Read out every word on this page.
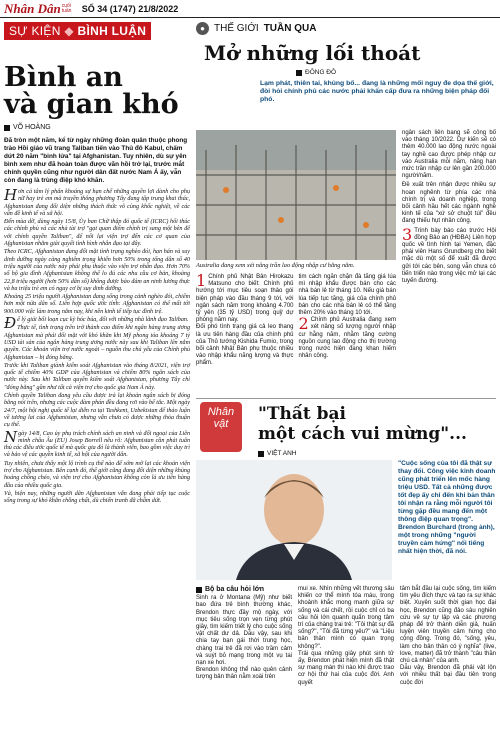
Nhân Dân cuối tuần	SỐ 34 (1747) 21/8/2022
SỰ KIỆN ◆ BÌNH LUẬN
Bình an
và gian khó
VÕ HOÀNG
Đã tròn một năm, kể từ ngày những đoàn quân thuộc phong trào Hồi giáo vũ trang Taliban tiến vào Thủ đô Kabul, chấm dứt 20 năm "binh lửa" tại Afghanistan. Tuy nhiên, dù sự yên bình xem như đã hoàn toàn được vãn hồi trở lại, trước mắt chính quyền cũng như người dân đất nước Nam Á ấy, vẫn còn đang là trùng điệp khó khăn.

Hơn cả tâm lý phân khoáng sự hạn chế những quyền lợi dành cho phụ nữ hay trẻ em mà truyền thông phương Tây đang tập trung khai thác, Afghanistan đang đối diện những thách thức vô cùng khốc nghiệt, về các vấn đề kinh tế và xã hội.

Đến mùa dỡ, dùng ngày 15/8, Ủy ban Chữ thập đỏ quốc tế (ICRC) hối thúc các chính phủ và các nhà tài trợ "gạt quan điểm chính trị sang một bên để với chính quyền Taliban", để nối lại viện trợ đến các cơ quan của Afghanistan nhằm giải quyết tình hình nhân đạo tại đây.

Theo ICRC, Afghanistan đang đối mặt tình trạng nghèo đói, hạn hán và suy dinh dưỡng ngày càng nghiêm trọng khiến hơn 50% trong tổng dân số 40 triệu người của nước này phải phụ thuộc vào viện trợ nhân đạo. Hơn 70% số hộ gia đình Afghanistan không thể lo đủ các nhu cầu cơ bản, khoảng 22,8 triệu người (hơn 50% dân số) không được bảo đảm an ninh lương thực và ba triệu trẻ em có nguy cơ bị suy dinh dưỡng.

Khoảng 25 triệu người Afghanistan đang sống trong cảnh nghèo đói, chiếm hơn một nửa dân số. Liên hợp quốc ước tính: Afghanistan có thể mất tới 900.000 việc làm trong năm nay, khi nền kinh tế tiếp tục đình trệ.

Để lý giải bối loạn cục kỳ hóc búa, đối với những nhà lãnh đạo Taliban.

Thực tế, tình trạng trên trở thành cao điểm khi ngân hàng trung ương Afghanistan mà phải đối mặt với khó khăn khi Mỹ phong tỏa khoảng 7 tỷ USD tài sản của ngân hàng trung ương nước này sau khi Taliban lên nắm quyền. Các khoản viện trợ nước ngoài – nguồn thu chủ yếu của Chính phủ Afghanistan – bị đóng băng.

Trước khi Taliban giành kiểm soát Afghanistan vào tháng 8/2021, viện trợ quốc tế chiếm 40% GDP của Afghanistan và chiếm 80% ngân sách của nước này. Sau khi Taliban quyền kiểm soát Afghanistan, phương Tây chỉ "đóng băng" gần như tất cả viện trợ cho quốc gia Nam Á này.

Chính quyền Taliban đang yêu cầu được trả lại khoản ngân sách bị đóng băng nói trên, nhưng các cuộc đàm phán đều đang rơi vào bế tắc. Một ngày 24/7, một hội nghị quốc tế lại diễn ra tại Tashkent, Uzbekistan để thảo luận về tương lai của Afghanistan, nhưng vẫn chưa có được những thỏa thuận cụ thể.

Ngày 14/8, Cao ủy phụ trách chính sách an ninh và đối ngoại của Liên minh châu Âu (EU) Josep Borrell nêu rõ: Afghanistan cần phải tuân thủ các điều ước quốc tế mà quốc gia đó là thành viên, bao gồm việc duy trì và bảo vệ các quyền kinh tế, xã hội của người dân.

Tuy nhiên, chưa thấy một lộ trình cụ thể nào để sớm mở lại các khoản viện trợ cho Afghanistan. Bên cạnh đó, thế giới cũng đang đối diện những khủng hoảng chồng chéo, và viện trợ cho Afghanistan không còn là ưu tiên hàng đầu của nhiều quốc gia.

Và, hiện nay, những người dân Afghanistan vẫn đang phải tiếp tục cuộc sống trong sự khó khăn chồng chất, dù chiến tranh đã chấm dứt.

● THẾ GIỚI TUẦN QUA
Mở những lối thoát
ĐÔNG ĐÔ
Lạm phát, thiên tai, khủng bố... đang là những mối nguy đe dọa thế giới, đòi hỏi chính phủ các nước phải khẩn cấp đưa ra những biện pháp đối phó.
Australia đang xem xét nâng trần lao động nhập cư hằng năm.

1 Chính phủ Nhật Bản Hirokazu Matsuno cho biết: Chính phủ hướng tới mục tiêu soạn thảo gói biện pháp vào đầu tháng 9 tới, với ngân sách năm trong khoảng 4.700 tỷ yên (35 tỷ USD) trong quỹ dự phòng năm nay.

Đối phó tình trạng giá cả leo thang là ưu tiên hàng đầu của chính phủ của Thủ tướng Kishida Fumio, trong bối cảnh Nhật Bản phụ thuộc nhiều vào nhập khẩu năng lượng và thực phẩm.

tim cách ngăn chặn đà tăng giá lúa mì nhập khẩu được bán cho các nhà bán lẻ từ tháng 10. Nếu giá bán lúa tiếp tục tăng, giá của chính phủ bán cho các nhà bán lẻ có thể tăng thêm 20% vào tháng 10 tới.

2 Chính phủ Australia đang xem xét nâng số lượng người nhập cư hằng năm, nhằm tăng cường nguồn cung lao động cho thị trường trong nước hiện đang khan hiếm nhân công.

ngân sách liên bang sẽ công bố vào tháng 10/2022. Dự kiến sẽ có thêm 40.000 lao động nước ngoài tay nghề cao được phép nhập cư vào Australia mỗi năm, nâng hạn mức trần nhập cư lên gần 200.000 người/năm.

Đề xuất trên nhận được nhiều sự hoan nghênh từ phía các nhà chính trị và doanh nghiệp, trong bối cảnh hầu hết các ngành nghề kinh tế của "xứ sở chuột túi" đều đang thiếu hụt nhân công.

3 Trình bày báo cáo trước Hội đồng Bảo an (HĐBA) Liên hợp quốc về tình hình tại Yemen, đặc phái viên Hans Grundberg cho biết mặc dù một số để xuất đã được gửi tới các bên, song vẫn chưa có tiến triển nào trong việc mở lại các tuyến đường.

Nhân
vật	"Thất bại
một cách vui mừng"...
VIỆT ANH
"Cuộc sống của tôi đã thật sự thay đổi. Công việc kinh doanh cũng phát triển lên mốc hàng triệu USD. Tất cả những được tốt đẹp ấy chỉ đến khi bản thân tôi nhận ra rằng mỗi người tôi từng gặp đều mang đến một thông điệp quan trọng". Brendon Burchard (trong ảnh), một trong những "người truyền cảm hứng" nổi tiếng nhất hiện thời, đã nói.
Bộ ba câu hỏi lớn

Sinh ra ở Montana (Mỹ) như biết bao đứa trẻ bình thường khác, Brendon thực đầy mộ ngày, với mục tiêu sống trọn vẹn từng phút giây, tìm kiếm triết lý cho cuộc sống vật chất dư dả. Dẫu vậy, sau khi chia tay bạn gái thời trung học, chàng trai trẻ đã rơi vào trầm cảm và suýt bỏ mạng trong một vụ tai nạn xe hơi.

Brendon không thể nào quên cảnh tượng bản thân nằm xoài trên

mui xe. Nhìn những vết thương sâu khiến cơ thể mình tóa máu, trong khoảnh khắc mong manh giữa sự sống và cái chết, rồi cuộc chỉ có ba câu hỏi lớn quanh quẩn trong tâm trí của chàng trai trẻ: "Tôi thật sự đã sống?", "Tôi đã từng yêu?" và "Liệu bản thân mình có quan trọng không?".

Trải qua những giây phút sinh tử ấy, Brendon phát hiện mình đã thật sự mang màn thì nào khi được trao cơ hội thứ hai của cuộc đời. Anh quyết

tâm bắt đầu lại cuộc sống, tìm kiếm tìm yêu đích thực và tạo ra sự khác biệt. Xuyên suốt thời gian học đại học, Brendon cũng đảo sâu nghiên cứu về sự tự lập và các phương pháp để trở thành diễn giả, huấn luyện viên truyền cảm hứng cho cộng đồng. Trong đó, "sống, yêu, làm cho bản thân có ý nghĩa" (live, love, matter) đã trở thành "câu thần chú cả nhân" của anh.

Dẫu vậy, Brendon đã phải vật lộn với nhiều thất bại đầu tiên trong cuộc đời
